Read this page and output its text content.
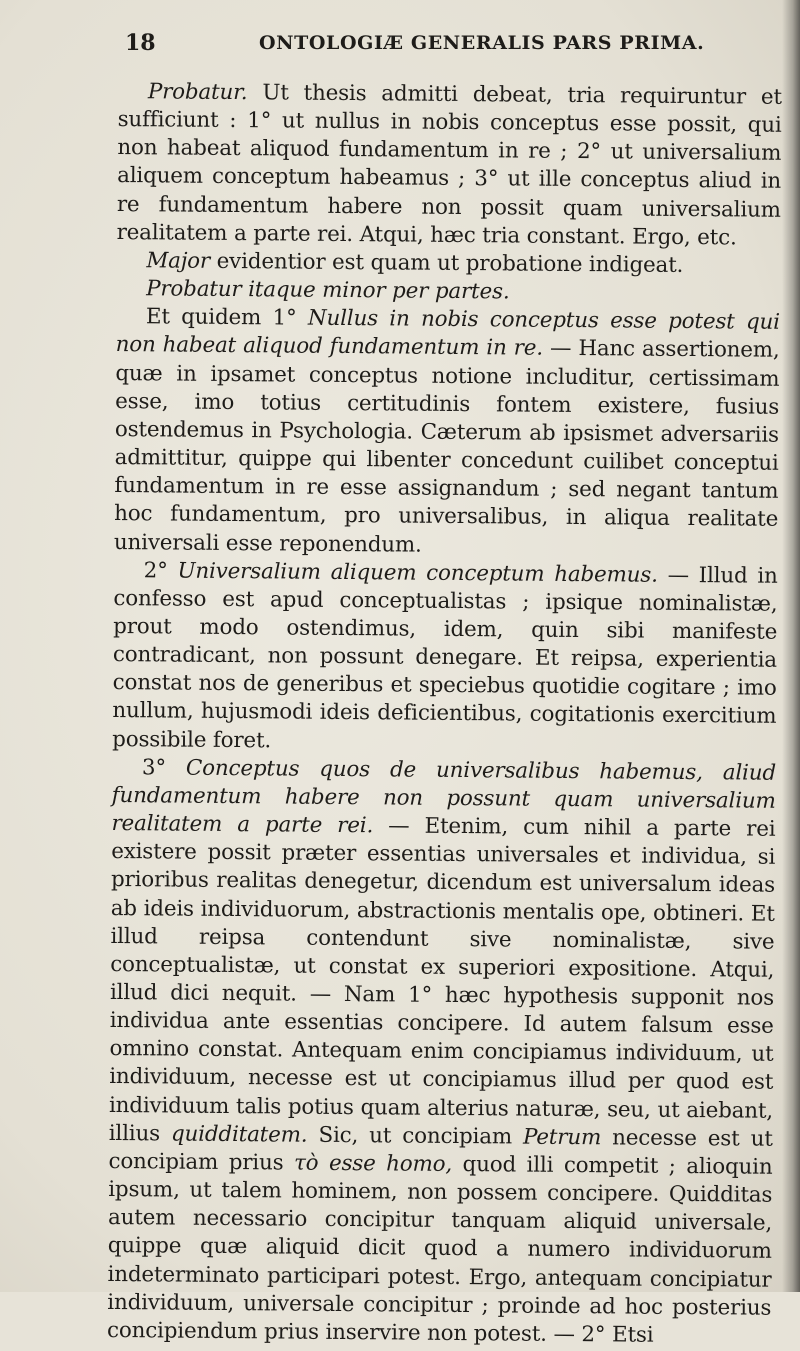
18	ONTOLOGIÆ GENERALIS PARS PRIMA.

Probatur. Ut thesis admitti debeat, tria requiruntur et sufficiunt : 1° ut nullus in nobis conceptus esse possit, qui non habeat aliquod fundamentum in re ; 2° ut universalium aliquem conceptum habeamus ; 3° ut ille conceptus aliud in re fundamentum habere non possit quam universalium realitatem a parte rei. Atqui, hæc tria constant. Ergo, etc.

Major evidentior est quam ut probatione indigeat.

Probatur itaque minor per partes.

Et quidem 1° Nullus in nobis conceptus esse potest qui non habeat aliquod fundamentum in re. — Hanc assertionem, quæ in ipsamet conceptus notione includitur, certissimam esse, imo totius certitudinis fontem existere, fusius ostendemus in Psychologia. Cæterum ab ipsismet adversariis admittitur, quippe qui libenter concedunt cuilibet conceptui fundamentum in re esse assignandum ; sed negant tantum hoc fundamentum, pro universalibus, in aliqua realitate universali esse reponendum.

2° Universalium aliquem conceptum habemus. — Illud in confesso est apud conceptualistas ; ipsique nominalistæ, prout modo ostendimus, idem, quin sibi manifeste contradicant, non possunt denegare. Et reipsa, experientia constat nos de generibus et speciebus quotidie cogitare ; imo nullum, hujusmodi ideis deficientibus, cogitationis exercitium possibile foret.

3° Conceptus quos de universalibus habemus, aliud fundamentum habere non possunt quam universalium realitatem a parte rei. — Etenim, cum nihil a parte rei existere possit præter essentias universales et individua, si prioribus realitas denegetur, dicendum est universalum ideas ab ideis individuorum, abstractionis mentalis ope, obtineri. Et illud reipsa contendunt sive nominalistæ, sive conceptualistæ, ut constat ex superiori expositione. Atqui, illud dici nequit. — Nam 1° hæc hypothesis supponit nos individua ante essentias concipere. Id autem falsum esse omnino constat. Antequam enim concipiamus individuum, ut individuum, necesse est ut concipiamus illud per quod est individuum talis potius quam alterius naturæ, seu, ut aiebant, illius quidditatem. Sic, ut concipiam Petrum necesse est ut concipiam prius τὸ esse homo, quod illi competit ; alioquin ipsum, ut talem hominem, non possem concipere. Quidditas autem necessario concipitur tanquam aliquid universale, quippe quæ aliquid dicit quod a numero individuorum indeterminato participari potest. Ergo, antequam concipiatur individuum, universale concipitur ; proinde ad hoc posterius concipiendum prius inservire non potest. — 2° Etsi
